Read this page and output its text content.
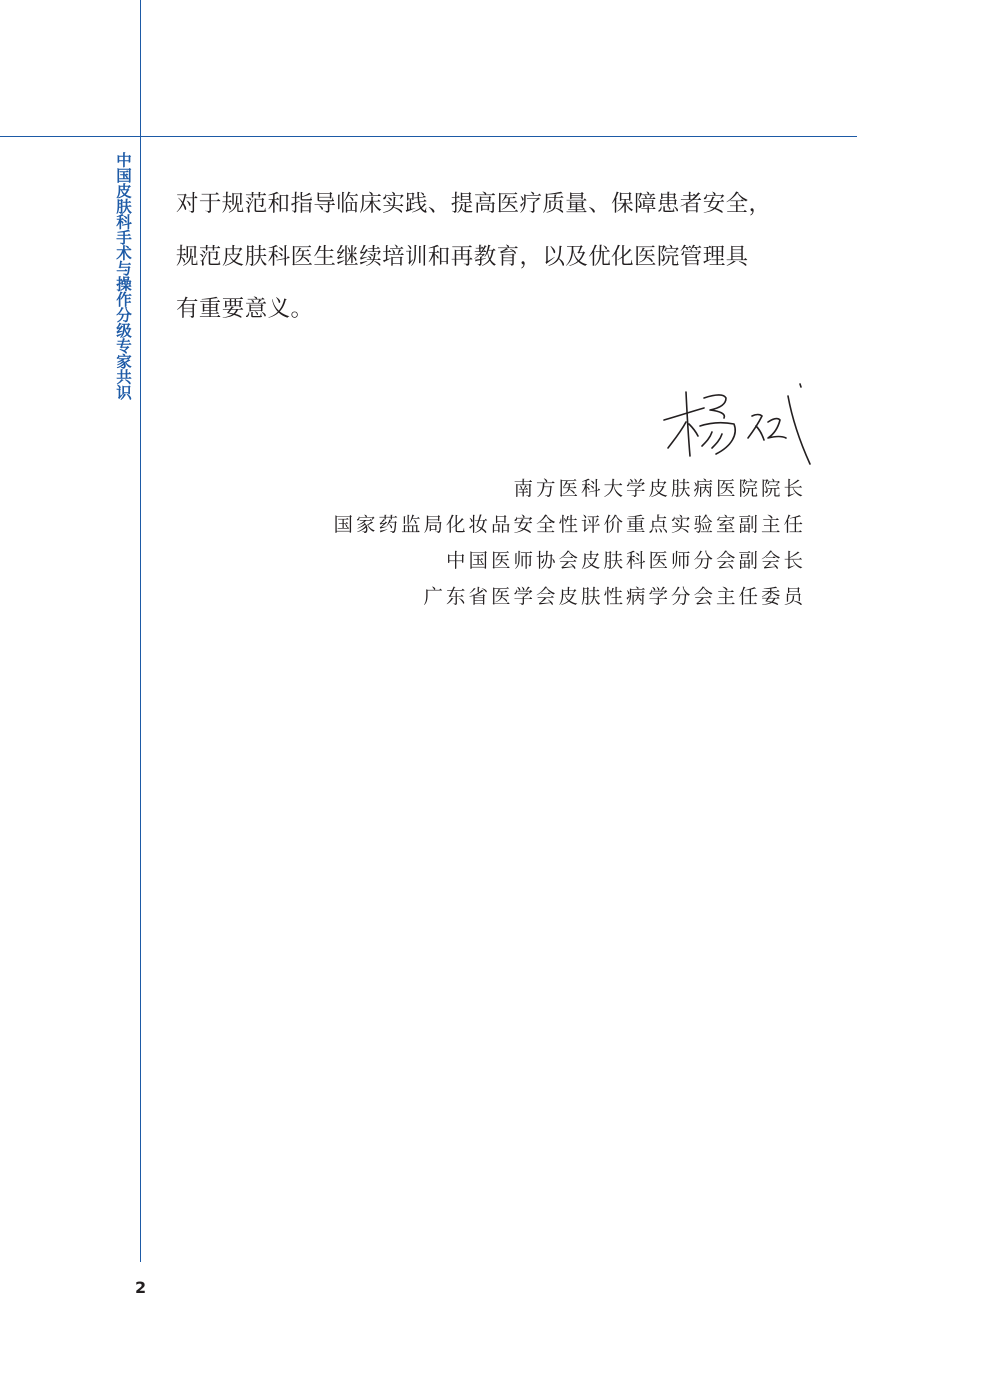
中国皮肤科手术与操作分级专家共识 对于规范和指导临床实践、提高医疗质量、保障患者安全，
规范皮肤科医生继续培训和再教育，以及优化医院管理具
有重要意义。

南方医科大学皮肤病医院院长
国家药监局化妆品安全性评价重点实验室副主任
中国医师协会皮肤科医师分会副会长
广东省医学会皮肤性病学分会主任委员
2
